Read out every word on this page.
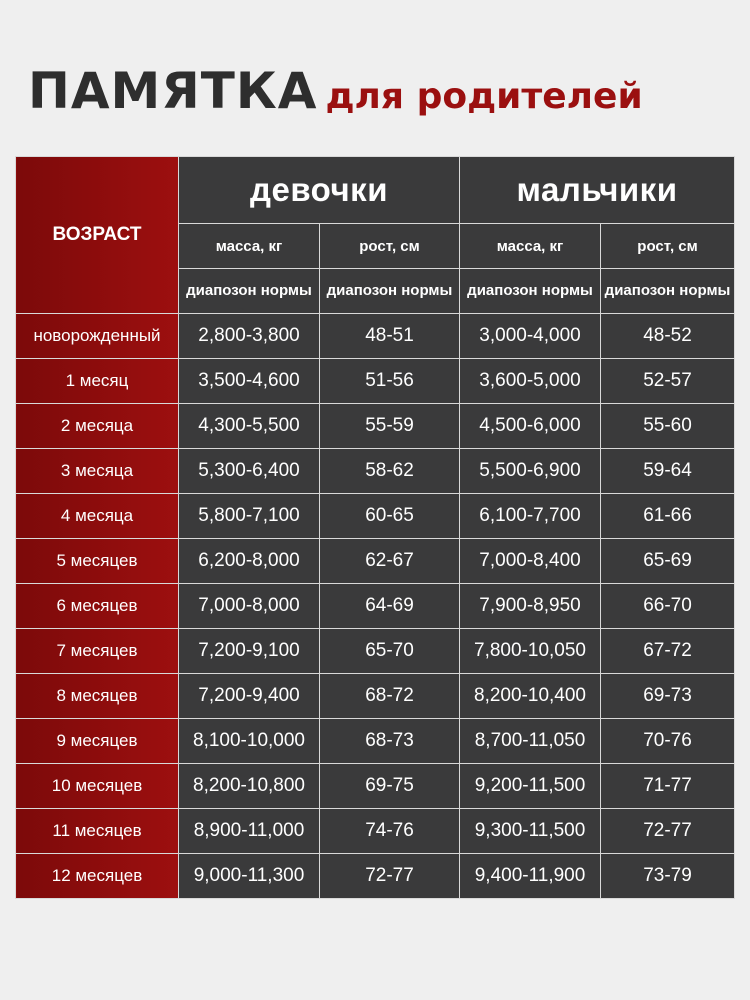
ПАМЯТКА для родителей
ВОЗРАСТ	девочки		мальчики	
	масса, кг	рост, см	масса, кг	рост, см
	диапозон нормы	диапозон нормы	диапозон нормы	диапозон нормы
новорожденный	2,800-3,800	48-51	3,000-4,000	48-52
1 месяц	3,500-4,600	51-56	3,600-5,000	52-57
2 месяца	4,300-5,500	55-59	4,500-6,000	55-60
3 месяца	5,300-6,400	58-62	5,500-6,900	59-64
4 месяца	5,800-7,100	60-65	6,100-7,700	61-66
5 месяцев	6,200-8,000	62-67	7,000-8,400	65-69
6 месяцев	7,000-8,000	64-69	7,900-8,950	66-70
7 месяцев	7,200-9,100	65-70	7,800-10,050	67-72
8 месяцев	7,200-9,400	68-72	8,200-10,400	69-73
9 месяцев	8,100-10,000	68-73	8,700-11,050	70-76
10 месяцев	8,200-10,800	69-75	9,200-11,500	71-77
11 месяцев	8,900-11,000	74-76	9,300-11,500	72-77
12 месяцев	9,000-11,300	72-77	9,400-11,900	73-79
